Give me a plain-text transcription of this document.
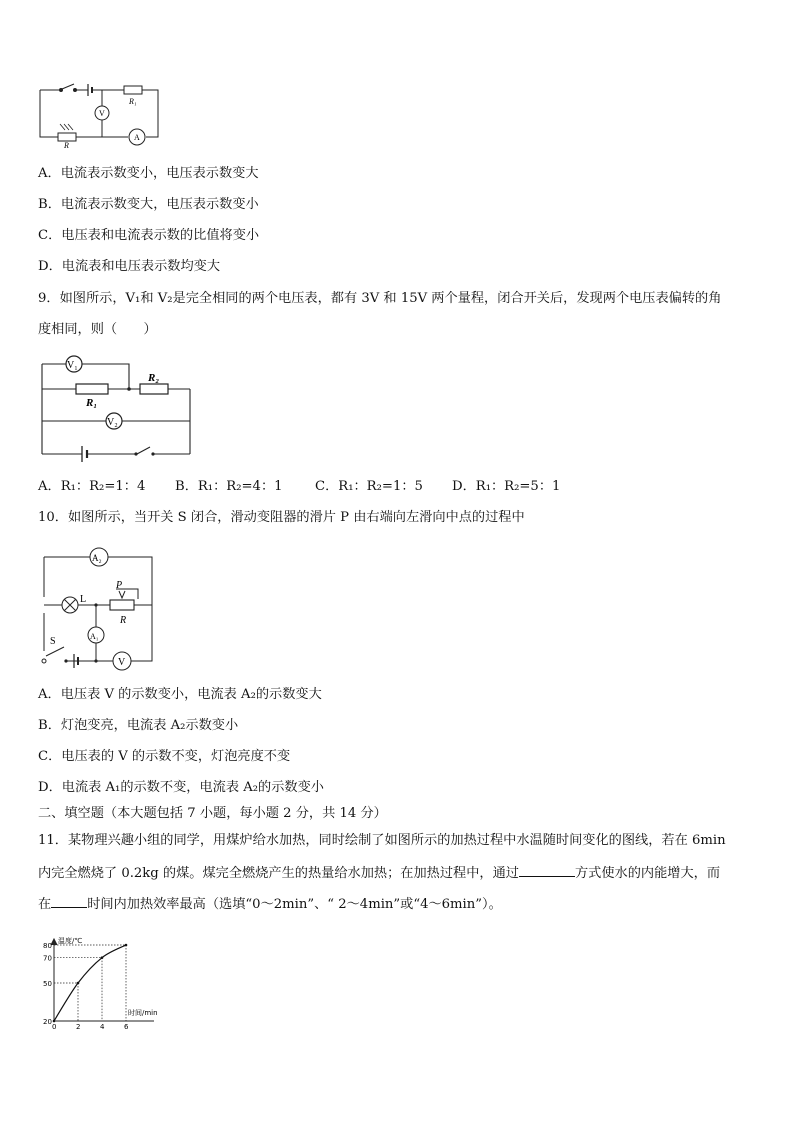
R₁
V
A
R
A．电流表示数变小，电压表示数变大
B．电流表示数变大，电压表示数变小
C．电压表和电流表示数的比值将变小
D．电流表和电压表示数均变大
9．如图所示，V₁和 V₂是完全相同的两个电压表，都有 3V 和 15V 两个量程，闭合开关后，发现两个电压表偏转的角
度相同，则（　　）
V₁
V₂
R₁
R₂
A．R₁：R₂=1：4 B．R₁：R₂=4：1 C．R₁：R₂=1：5 D．R₁：R₂=5：1
10．如图所示，当开关 S 闭合，滑动变阻器的滑片 P 由右端向左滑向中点的过程中
A₂
A₁
V
L
P
R
S
A．电压表 V 的示数变小，电流表 A₂的示数变大
B．灯泡变亮，电流表 A₂示数变小
C．电压表的 V 的示数不变，灯泡亮度不变
D．电流表 A₁的示数不变，电流表 A₂的示数变小
二、填空题（本大题包括 7 小题，每小题 2 分，共 14 分）
11．某物理兴趣小组的同学，用煤炉给水加热，同时绘制了如图所示的加热过程中水温随时间变化的图线，若在 6min
内完全燃烧了 0.2kg 的煤。煤完全燃烧产生的热量给水加热；在加热过程中，通过	方式使水的内能增大，而
在	时间内加热效率最高（选填“0～2min”、“ 2～4min”或“4～6min”）。
温度/℃
时间/min
0	2	4	6
20
50
70
80
